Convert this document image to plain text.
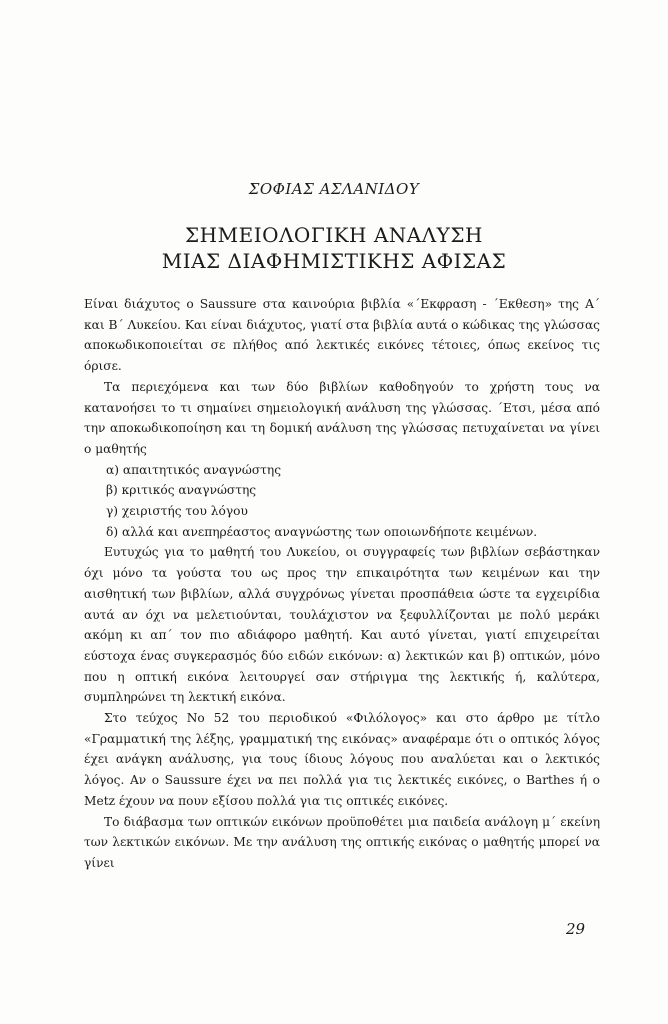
ΣΟΦΙΑΣ ΑΣΛΑΝΙΔΟΥ
ΣΗΜΕΙΟΛΟΓΙΚΗ ΑΝΑΛΥΣΗ
ΜΙΑΣ ΔΙΑΦΗΜΙΣΤΙΚΗΣ ΑΦΙΣΑΣ

Είναι διάχυτος ο Saussure στα καινούρια βιβλία «΄Εκφραση - ΄Εκθεση» της Α΄ και Β΄ Λυκείου. Και είναι διάχυτος, γιατί στα βιβλία αυτά ο κώδικας της γλώσσας αποκωδικοποιείται σε πλήθος από λεκτικές εικόνες τέτοιες, όπως εκείνος τις όρισε.

Τα περιεχόμενα και των δύο βιβλίων καθοδηγούν το χρήστη τους να κατανοήσει το τι σημαίνει σημειολογική ανάλυση της γλώσσας. ΄Ετσι, μέσα από την αποκωδικοποίηση και τη δομική ανάλυση της γλώσσας πετυχαίνεται να γίνει ο μαθητής

α) απαιτητικός αναγνώστης
β) κριτικός αναγνώστης
γ) χειριστής του λόγου
δ) αλλά και ανεπηρέαστος αναγνώστης των οποιωνδήποτε κειμένων.

Ευτυχώς για το μαθητή του Λυκείου, οι συγγραφείς των βιβλίων σεβάστηκαν όχι μόνο τα γούστα του ως προς την επικαιρότητα των κειμένων και την αισθητική των βιβλίων, αλλά συγχρόνως γίνεται προσπάθεια ώστε τα εγχειρίδια αυτά αν όχι να μελετιούνται, τουλάχιστον να ξεφυλλίζονται με πολύ μεράκι ακόμη κι απ΄ τον πιο αδιάφορο μαθητή. Και αυτό γίνεται, γιατί επιχειρείται εύστοχα ένας συγκερασμός δύο ειδών εικόνων: α) λεκτικών και β) οπτικών, μόνο που η οπτική εικόνα λειτουργεί σαν στήριγμα της λεκτικής ή, καλύτερα, συμπληρώνει τη λεκτική εικόνα.

Στο τεύχος Νο 52 του περιοδικού «Φιλόλογος» και στο άρθρο με τίτλο «Γραμματική της λέξης, γραμματική της εικόνας» αναφέραμε ότι ο οπτικός λόγος έχει ανάγκη ανάλυσης, για τους ίδιους λόγους που αναλύεται και ο λεκτικός λόγος. Αν ο Saussure έχει να πει πολλά για τις λεκτικές εικόνες, ο Barthes ή ο Metz έχουν να πουν εξίσου πολλά για τις οπτικές εικόνες.

Το διάβασμα των οπτικών εικόνων προϋποθέτει μια παιδεία ανάλογη μ΄ εκείνη των λεκτικών εικόνων. Με την ανάλυση της οπτικής εικόνας ο μαθητής μπορεί να γίνει

29
